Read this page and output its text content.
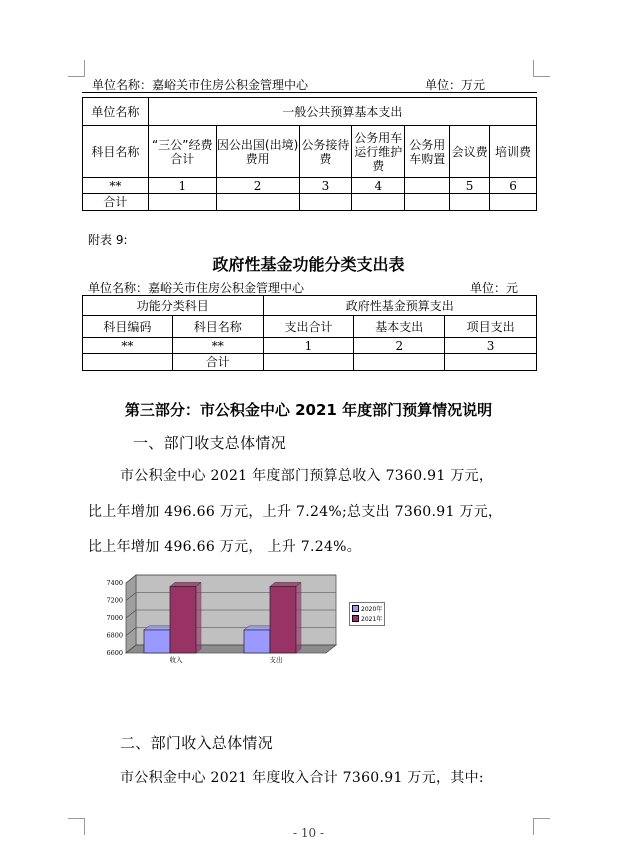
单位名称：嘉峪关市住房公积金管理中心	单位：万元
单位名称	一般公共预算基本支出						
科目名称	“三公”经费合计	因公出国(出境)费用	公务接待费	公务用车运行维护费	公务用车购置	会议费	培训费
**	1	2	3	4		5	6
合计							
附表 9:
政府性基金功能分类支出表
单位名称：嘉峪关市住房公积金管理中心	单位：元
功能分类科目		政府性基金预算支出		
科目编码	科目名称	支出合计	基本支出	项目支出
**	**	1	2	3
	合计			
第三部分：市公积金中心 2021 年度部门预算情况说明
一、部门收支总体情况
市公积金中心 2021 年度部门预算总收入 7360.91 万元，
比上年增加 496.66 万元，上升 7.24%;总支出 7360.91 万元，
比上年增加 496.66 万元， 上升 7.24%。
7400
7200
7000
6800
6600
收入	支出
2020年
2021年
二、部门收入总体情况
市公积金中心 2021 年度收入合计 7360.91 万元，其中:
- 10 -
